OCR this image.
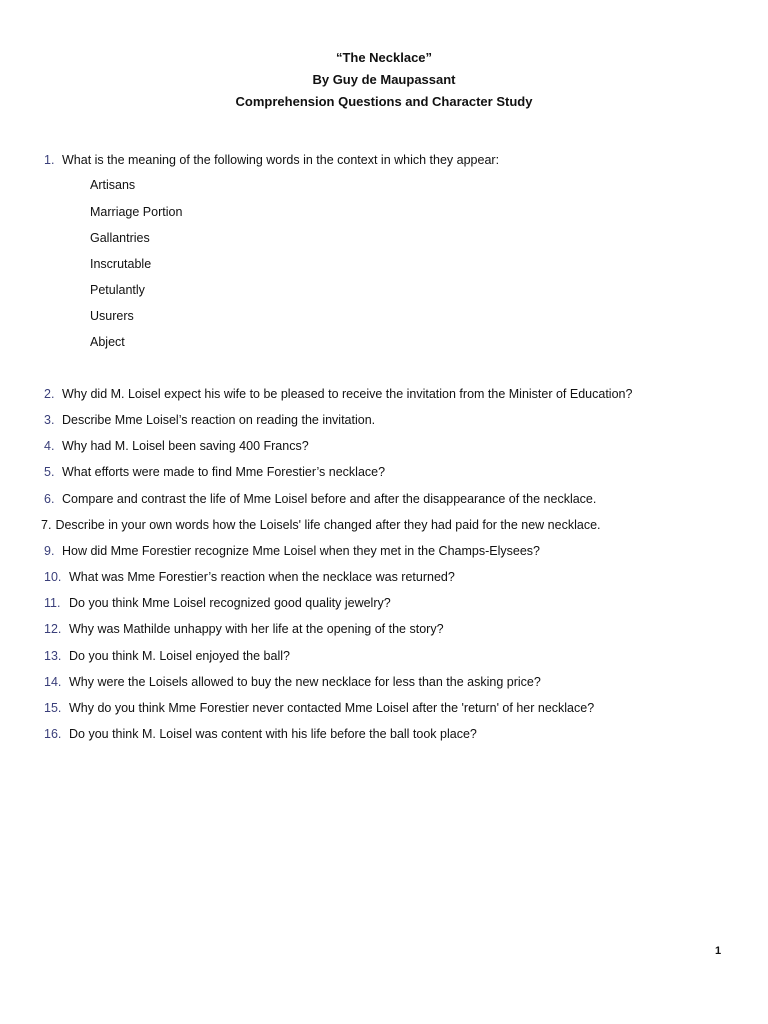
“The Necklace”
By Guy de Maupassant
Comprehension Questions and Character Study
1. What is the meaning of the following words in the context in which they appear:
Artisans
Marriage Portion
Gallantries
Inscrutable
Petulantly
Usurers
Abject
2. Why did M. Loisel expect his wife to be pleased to receive the invitation from the Minister of Education?
3. Describe Mme Loisel’s reaction on reading the invitation.
4. Why had M. Loisel been saving 400 Francs?
5. What efforts were made to find Mme Forestier’s necklace?
6. Compare and contrast the life of Mme Loisel before and after the disappearance of the necklace.
7. Describe in your own words how the Loisels' life changed after they had paid for the new necklace.
9. How did Mme Forestier recognize Mme Loisel when they met in the Champs-Elysees?
10. What was Mme Forestier’s reaction when the necklace was returned?
11. Do you think Mme Loisel recognized good quality jewelry?
12. Why was Mathilde unhappy with her life at the opening of the story?
13. Do you think M. Loisel enjoyed the ball?
14. Why were the Loisels allowed to buy the new necklace for less than the asking price?
15. Why do you think Mme Forestier never contacted Mme Loisel after the 'return' of her necklace?
16. Do you think M. Loisel was content with his life before the ball took place?
1
